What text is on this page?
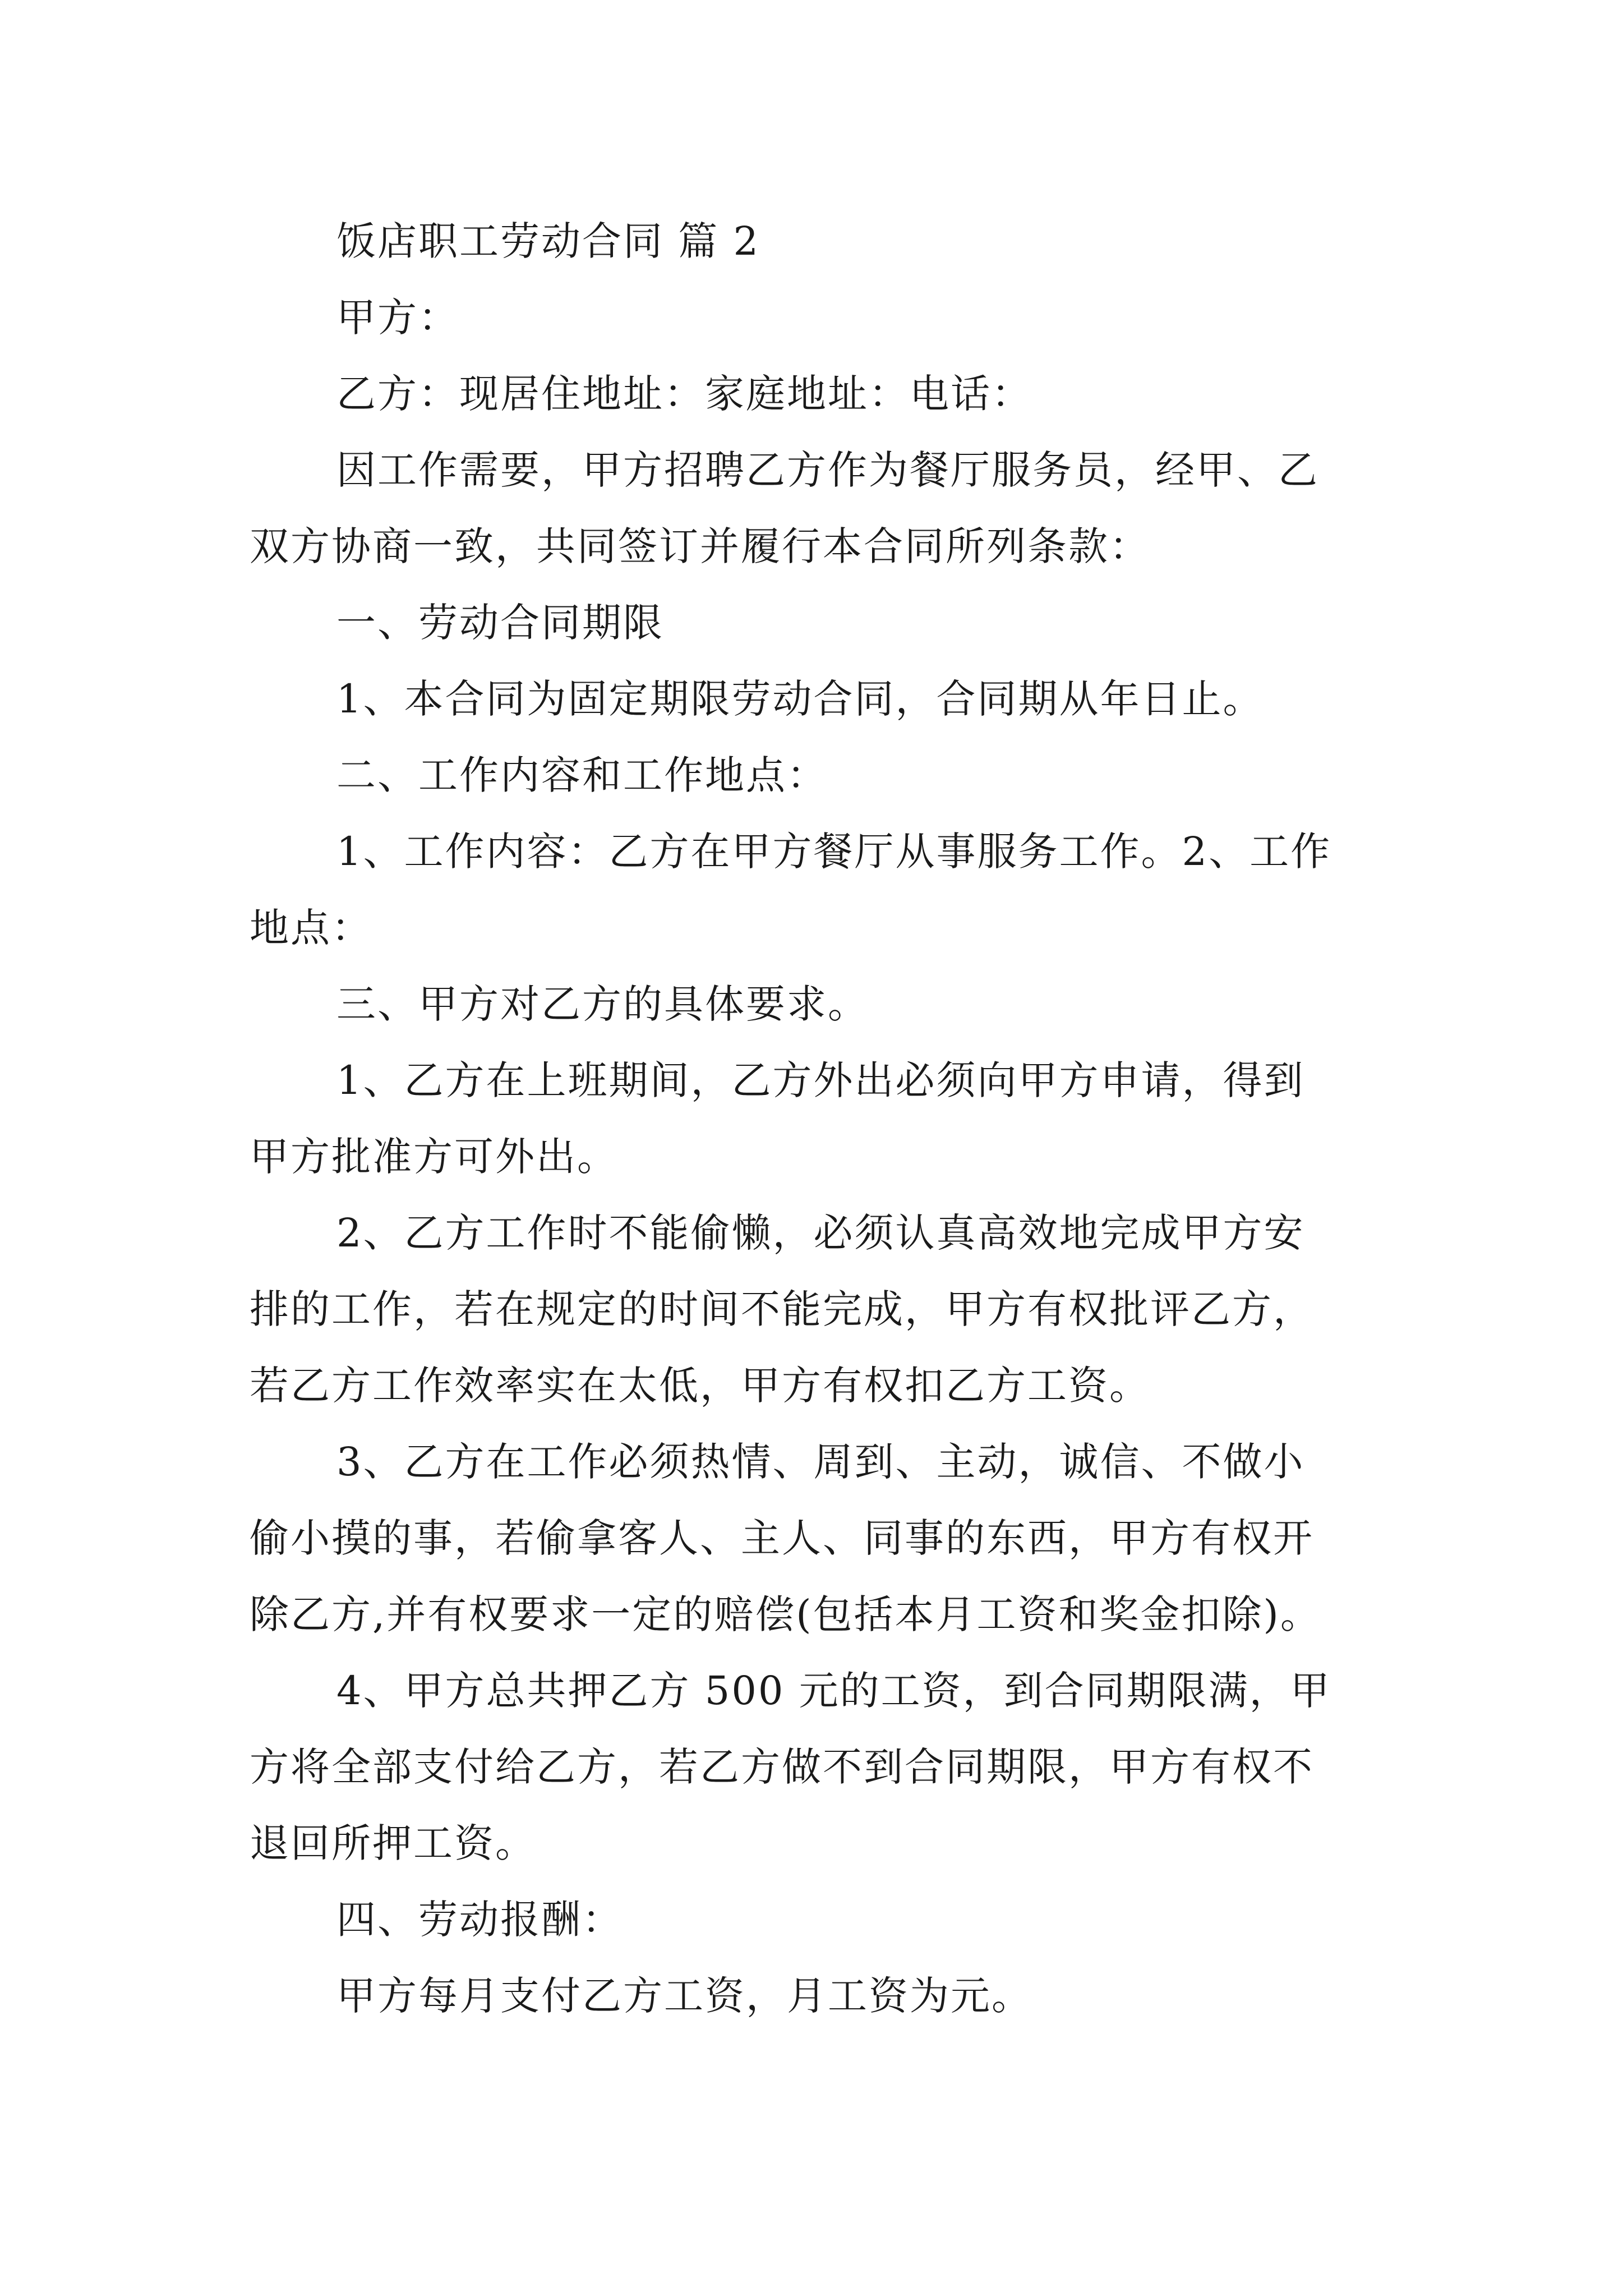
饭店职工劳动合同 篇 2

甲方：

乙方：现居住地址：家庭地址：电话：

因工作需要，甲方招聘乙方作为餐厅服务员，经甲、乙

双方协商一致，共同签订并履行本合同所列条款：

一、劳动合同期限

1、本合同为固定期限劳动合同，合同期从年日止。

二、工作内容和工作地点：

1、工作内容：乙方在甲方餐厅从事服务工作。2、工作

地点：

三、甲方对乙方的具体要求。

1、乙方在上班期间，乙方外出必须向甲方申请，得到

甲方批准方可外出。

2、乙方工作时不能偷懒，必须认真高效地完成甲方安

排的工作，若在规定的时间不能完成，甲方有权批评乙方，

若乙方工作效率实在太低，甲方有权扣乙方工资。

3、乙方在工作必须热情、周到、主动，诚信、不做小

偷小摸的事，若偷拿客人、主人、同事的东西，甲方有权开

除乙方,并有权要求一定的赔偿(包括本月工资和奖金扣除)。

4、甲方总共押乙方 500 元的工资，到合同期限满，甲

方将全部支付给乙方，若乙方做不到合同期限，甲方有权不

退回所押工资。

四、劳动报酬：

甲方每月支付乙方工资，月工资为元。
